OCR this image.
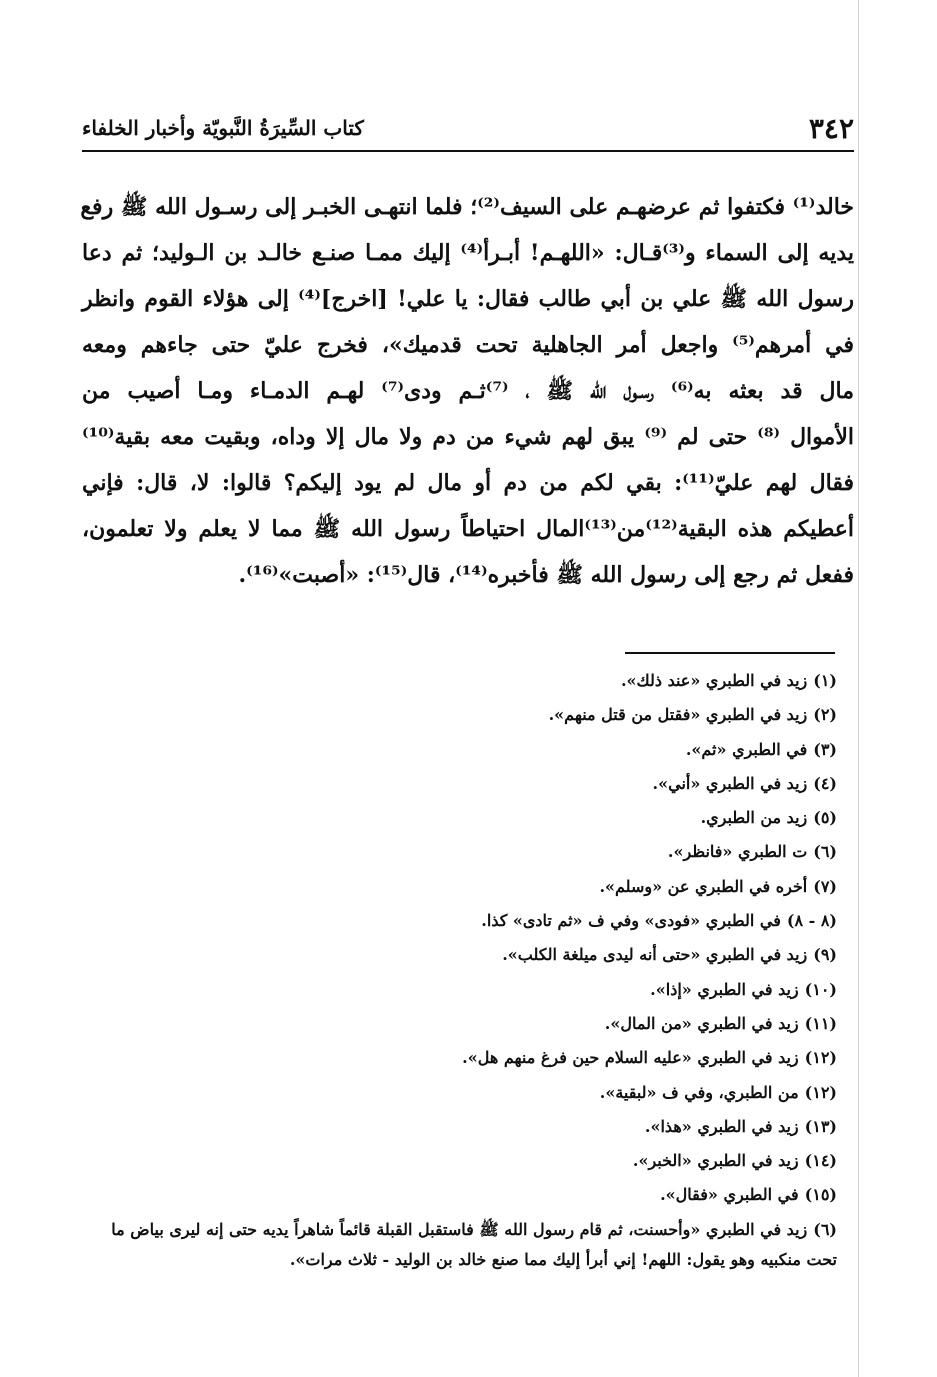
٣٤٢
كتاب السِّيرَةُ النَّبويّة وأخبار الخلفاء
خالد⁽¹⁾ فكتفوا ثم عرضهـم على السيف⁽²⁾؛ فلما انتهـى الخبـر إلى رسـول الله ﷺ رفع
يديه إلى السماء و⁽³⁾قـال: «اللهـم! أبـرأ⁽⁴⁾ إليك ممـا صنـع خالـد بن الـوليد؛ ثم دعا
رسول الله ﷺ علي بن أبي طالب فقال: يا علي! [اخرج]⁽⁴⁾ إلى هؤلاء القوم وانظر
في أمرهم⁽⁵⁾ واجعل أمر الجاهلية تحت قدميك»، فخرج عليّ حتى جاءهم ومعه
مال قد بعثه به⁽⁶⁾ رسـول الله ﷺ ، ⁽⁷⁾ثـم ودى⁽⁷⁾ لهـم الدمـاء ومـا أصيب من
الأموال ⁽⁸⁾ حتى لم ⁽⁹⁾ يبق لهم شيء من دم ولا مال إلا وداه، وبقيت معه بقية⁽¹⁰⁾
فقال لهم عليّ⁽¹¹⁾: بقي لكم من دم أو مال لم يود إليكم؟ قالوا: لا، قال: فإني
أعطيكم هذه البقية⁽¹²⁾من⁽¹³⁾المال احتياطاً رسول الله ﷺ مما لا يعلم ولا تعلمون،
ففعل ثم رجع إلى رسول الله ﷺ فأخبره⁽¹⁴⁾، قال⁽¹⁵⁾: «أصبت»⁽¹⁶⁾.
(١)زيد في الطبري «عند ذلك».
(٢)زيد في الطبري «فقتل من قتل منهم».
(٣)في الطبري «ثم».
(٤)زيد في الطبري «أني».
(٥)زيد من الطبري.
(٦)ت الطبري «فانظر».
(٧)أخره في الطبري عن «وسلم».
(٨ - ٨)في الطبري «فودى» وفي ف «ثم تادى» كذا.
(٩)زيد في الطبري «حتى أنه ليدى ميلغة الكلب».
(١٠)زيد في الطبري «إذا».
(١١)زيد في الطبري «من المال».
(١٢)زيد في الطبري «عليه السلام حين فرغ منهم هل».
(١٢)من الطبري، وفي ف «لبقية».
(١٣)زيد في الطبري «هذا».
(١٤)زيد في الطبري «الخبر».
(١٥)في الطبري «فقال».
(٦)زيد في الطبري «وأحسنت، ثم قام رسول الله ﷺ فاستقبل القبلة قائماً شاهراً يديه حتى إنه ليرى بياض ما تحت منكبيه وهو يقول: اللهم! إني أبرأ إليك مما صنع خالد بن الوليد - ثلاث مرات».
